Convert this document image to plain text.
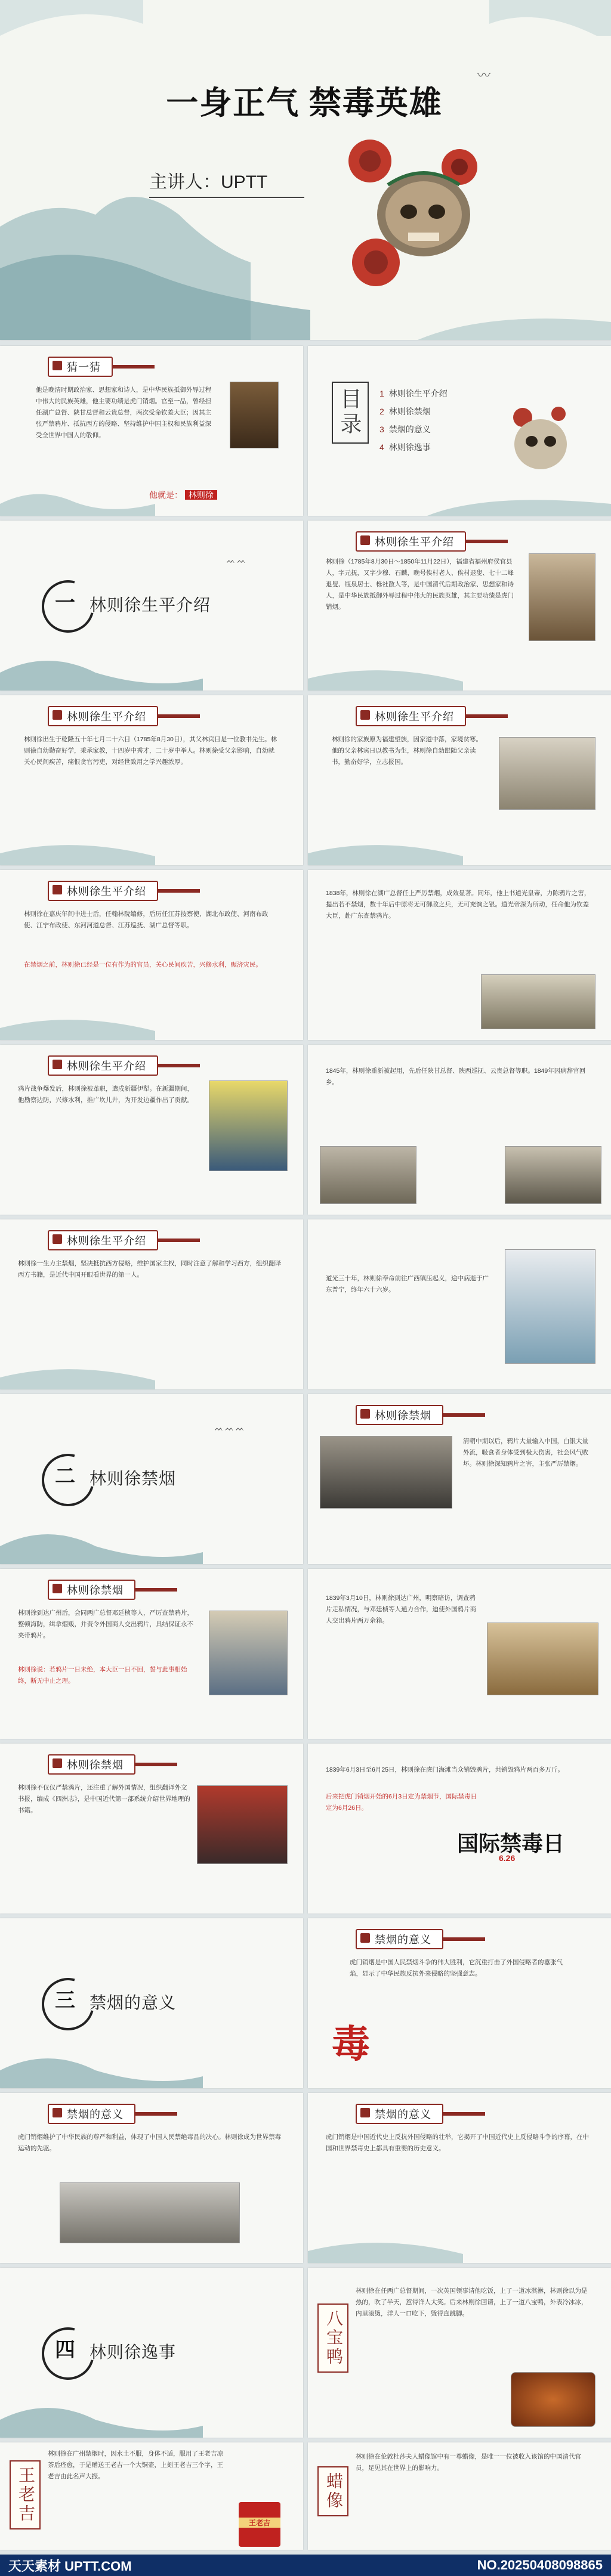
一身正气 禁毒英雄
主讲人：UPTT
〰
猜一猜
他是晚清时期政治家、思想家和诗人，是中华民族抵御外辱过程中伟大的民族英雄，他主要功绩是虎门销烟。官至一品，曾经担任湖广总督、陕甘总督和云贵总督，两次受命钦差大臣；因其主张严禁鸦片、抵抗西方的侵略、坚持维护中国主权和民族利益深受全世界中国人的敬仰。
他就是： 林则徐
目录	1 林则徐生平介绍
2 林则徐禁烟
3 禁烟的意义
4 林则徐逸事
一 林则徐生平介绍
ᨓ ᨓ
林则徐生平介绍
林则徐（1785年8月30日～1850年11月22日），福建省福州府侯官县人，字元抚，又字少穆、石麟，晚号俟村老人、俟村退叟、七十二峰退叟、瓶泉居士、栎社散人等，是中国清代后期政治家、思想家和诗人，是中华民族抵御外辱过程中伟大的民族英雄，其主要功绩是虎门销烟。
林则徐生平介绍
林则徐出生于乾隆五十年七月二十六日（1785年8月30日），其父林宾日是一位教书先生。林则徐自幼勤奋好学，秉承家教，十四岁中秀才，二十岁中举人。林则徐受父亲影响，自幼就关心民间疾苦，痛恨贪官污吏，对经世致用之学兴趣浓厚。
林则徐生平介绍
林则徐的家族原为福建望族，因家道中落，家境贫寒。他的父亲林宾日以教书为生，林则徐自幼跟随父亲读书，勤奋好学，立志报国。
林则徐生平介绍
林则徐在嘉庆年间中进士后，任翰林院编修，后历任江苏按察使、湖北布政使、河南布政使、江宁布政使、东河河道总督、江苏巡抚、湖广总督等职。
在禁烟之前，林则徐已经是一位有作为的官员，关心民间疾苦，兴修水利，赈济灾民。
1838年，林则徐在湖广总督任上严厉禁烟，成效显著。同年，他上书道光皇帝，力陈鸦片之害，提出若不禁烟，数十年后中原将无可御敌之兵，无可充饷之银。道光帝深为所动，任命他为钦差大臣，赴广东查禁鸦片。
林则徐生平介绍
鸦片战争爆发后，林则徐被革职，遣戍新疆伊犁。在新疆期间，他勘察边防，兴修水利，推广坎儿井，为开发边疆作出了贡献。
1845年，林则徐重新被起用，先后任陕甘总督、陕西巡抚、云贵总督等职。1849年因病辞官回乡。
林则徐生平介绍
林则徐一生力主禁烟，坚决抵抗西方侵略，维护国家主权，同时注意了解和学习西方，组织翻译西方书籍，是近代中国开眼看世界的第一人。	道光三十年，林则徐奉命前往广西镇压起义，途中病逝于广东普宁，终年六十六岁。
二 林则徐禁烟
ᨓ ᨓ ᨓ
林则徐禁烟
清朝中期以后，鸦片大量输入中国，白银大量外流，吸食者身体受到极大伤害，社会风气败坏。林则徐深知鸦片之害，主张严厉禁烟。
林则徐禁烟
林则徐到达广州后，会同两广总督邓廷桢等人，严厉查禁鸦片，整顿海防，缉拿烟贩，并责令外国商人交出鸦片，具结保证永不夹带鸦片。
林则徐说：若鸦片一日未绝，本大臣一日不回，誓与此事相始终，断无中止之理。
1839年3月10日，林则徐到达广州，明察暗访，调查鸦片走私情况，与邓廷桢等人通力合作，迫使外国鸦片商人交出鸦片两万余箱。
林则徐禁烟
林则徐不仅仅严禁鸦片，还注重了解外国情况，组织翻译外文书报，编成《四洲志》，是中国近代第一部系统介绍世界地理的书籍。
1839年6月3日至6月25日，林则徐在虎门海滩当众销毁鸦片，共销毁鸦片两百多万斤。
后来把虎门销烟开始的6月3日定为禁烟节，国际禁毒日定为6月26日。
国际禁毒日
6.26
三 禁烟的意义
禁烟的意义
虎门销烟是中国人民禁烟斗争的伟大胜利，它沉重打击了外国侵略者的嚣张气焰，显示了中华民族反抗外来侵略的坚强意志。
毒
禁烟的意义
虎门销烟维护了中华民族的尊严和利益，体现了中国人民禁绝毒品的决心。林则徐成为世界禁毒运动的先驱。
禁烟的意义
虎门销烟是中国近代史上反抗外国侵略的壮举，它揭开了中国近代史上反侵略斗争的序幕，在中国和世界禁毒史上都具有重要的历史意义。
四 林则徐逸事	八宝鸭
林则徐在任两广总督期间，一次英国领事请他吃饭，上了一道冰淇淋，林则徐以为是热的，吹了半天，惹得洋人大笑。后来林则徐回请，上了一道八宝鸭，外表冷冰冰，内里滚烫，洋人一口吃下，烫得直跳脚。
王老吉
林则徐在广州禁烟时，因水土不服，身体不适，服用了王老吉凉茶后痊愈，于是赠送王老吉一个大铜壶，上刻王老吉三个字，王老吉由此名声大振。
王老吉
蜡像
林则徐在伦敦杜莎夫人蜡像馆中有一尊蜡像，是唯一一位被收入该馆的中国清代官员，足见其在世界上的影响力。
天天素材 UPTT.COM	NO.20250408098865
